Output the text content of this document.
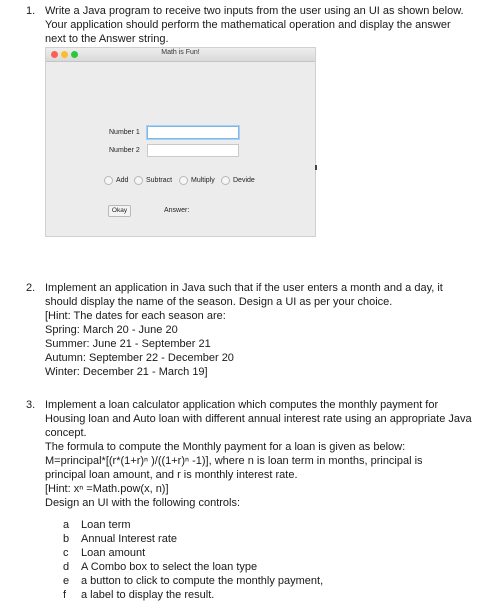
1. Write a Java program to receive two inputs from the user using an UI as shown below.
Your application should perform the mathematical operation and display the answer
next to the Answer string.
Math is Fun!
Number 1
Number 2
Add	Subtract	Multiply	Devide
Okay	Answer:
2. Implement an application in Java such that if the user enters a month and a day, it
should display the name of the season. Design a UI as per your choice.
[Hint: The dates for each season are:
Spring: March 20 - June 20
Summer: June 21 - September 21
Autumn: September 22 - December 20
Winter: December 21 - March 19]
3. Implement a loan calculator application which computes the monthly payment for
Housing loan and Auto loan with different annual interest rate using an appropriate Java
concept.
The formula to compute the Monthly payment for a loan is given as below:
M=principal*[(r*(1+r)ⁿ )/((1+r)ⁿ -1)], where n is loan term in months, principal is
principal loan amount, and r is monthly interest rate.
[Hint: xⁿ =Math.pow(x, n)]
Design an UI with the following controls:
a Loan term
b Annual Interest rate
c Loan amount
d A Combo box to select the loan type
e a button to click to compute the monthly payment,
f a label to display the result.
